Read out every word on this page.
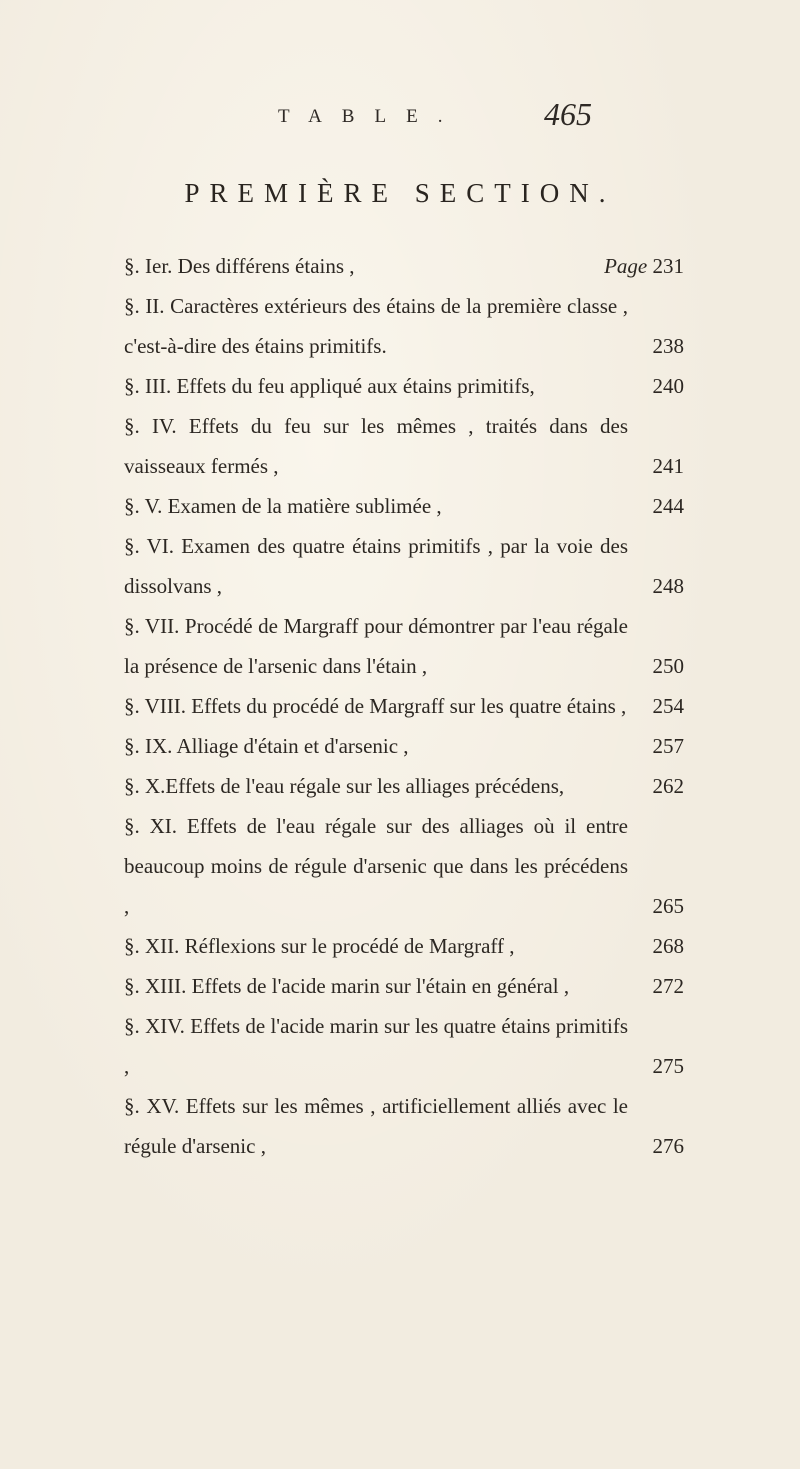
TABLE.	465
PREMIÈRE SECTION.
§. Ier. Des différens étains ,	Page 231
§. II. Caractères extérieurs des étains de la première classe , c'est-à-dire des étains primitifs.	238
§. III. Effets du feu appliqué aux étains primitifs,	240
§. IV. Effets du feu sur les mêmes , traités dans des vaisseaux fermés ,	241
§. V. Examen de la matière sublimée ,	244
§. VI. Examen des quatre étains primitifs , par la voie des dissolvans ,	248
§. VII. Procédé de Margraff pour démontrer par l'eau régale la présence de l'arsenic dans l'étain ,	250
§. VIII. Effets du procédé de Margraff sur les quatre étains ,	254
§. IX. Alliage d'étain et d'arsenic ,	257
§. X.Effets de l'eau régale sur les alliages précédens,	262
§. XI. Effets de l'eau régale sur des alliages où il entre beaucoup moins de régule d'arsenic que dans les précédens ,	265
§. XII. Réflexions sur le procédé de Margraff ,	268
§. XIII. Effets de l'acide marin sur l'étain en général ,	272
§. XIV. Effets de l'acide marin sur les quatre étains primitifs ,	275
§. XV. Effets sur les mêmes , artificiellement alliés avec le régule d'arsenic ,	276
